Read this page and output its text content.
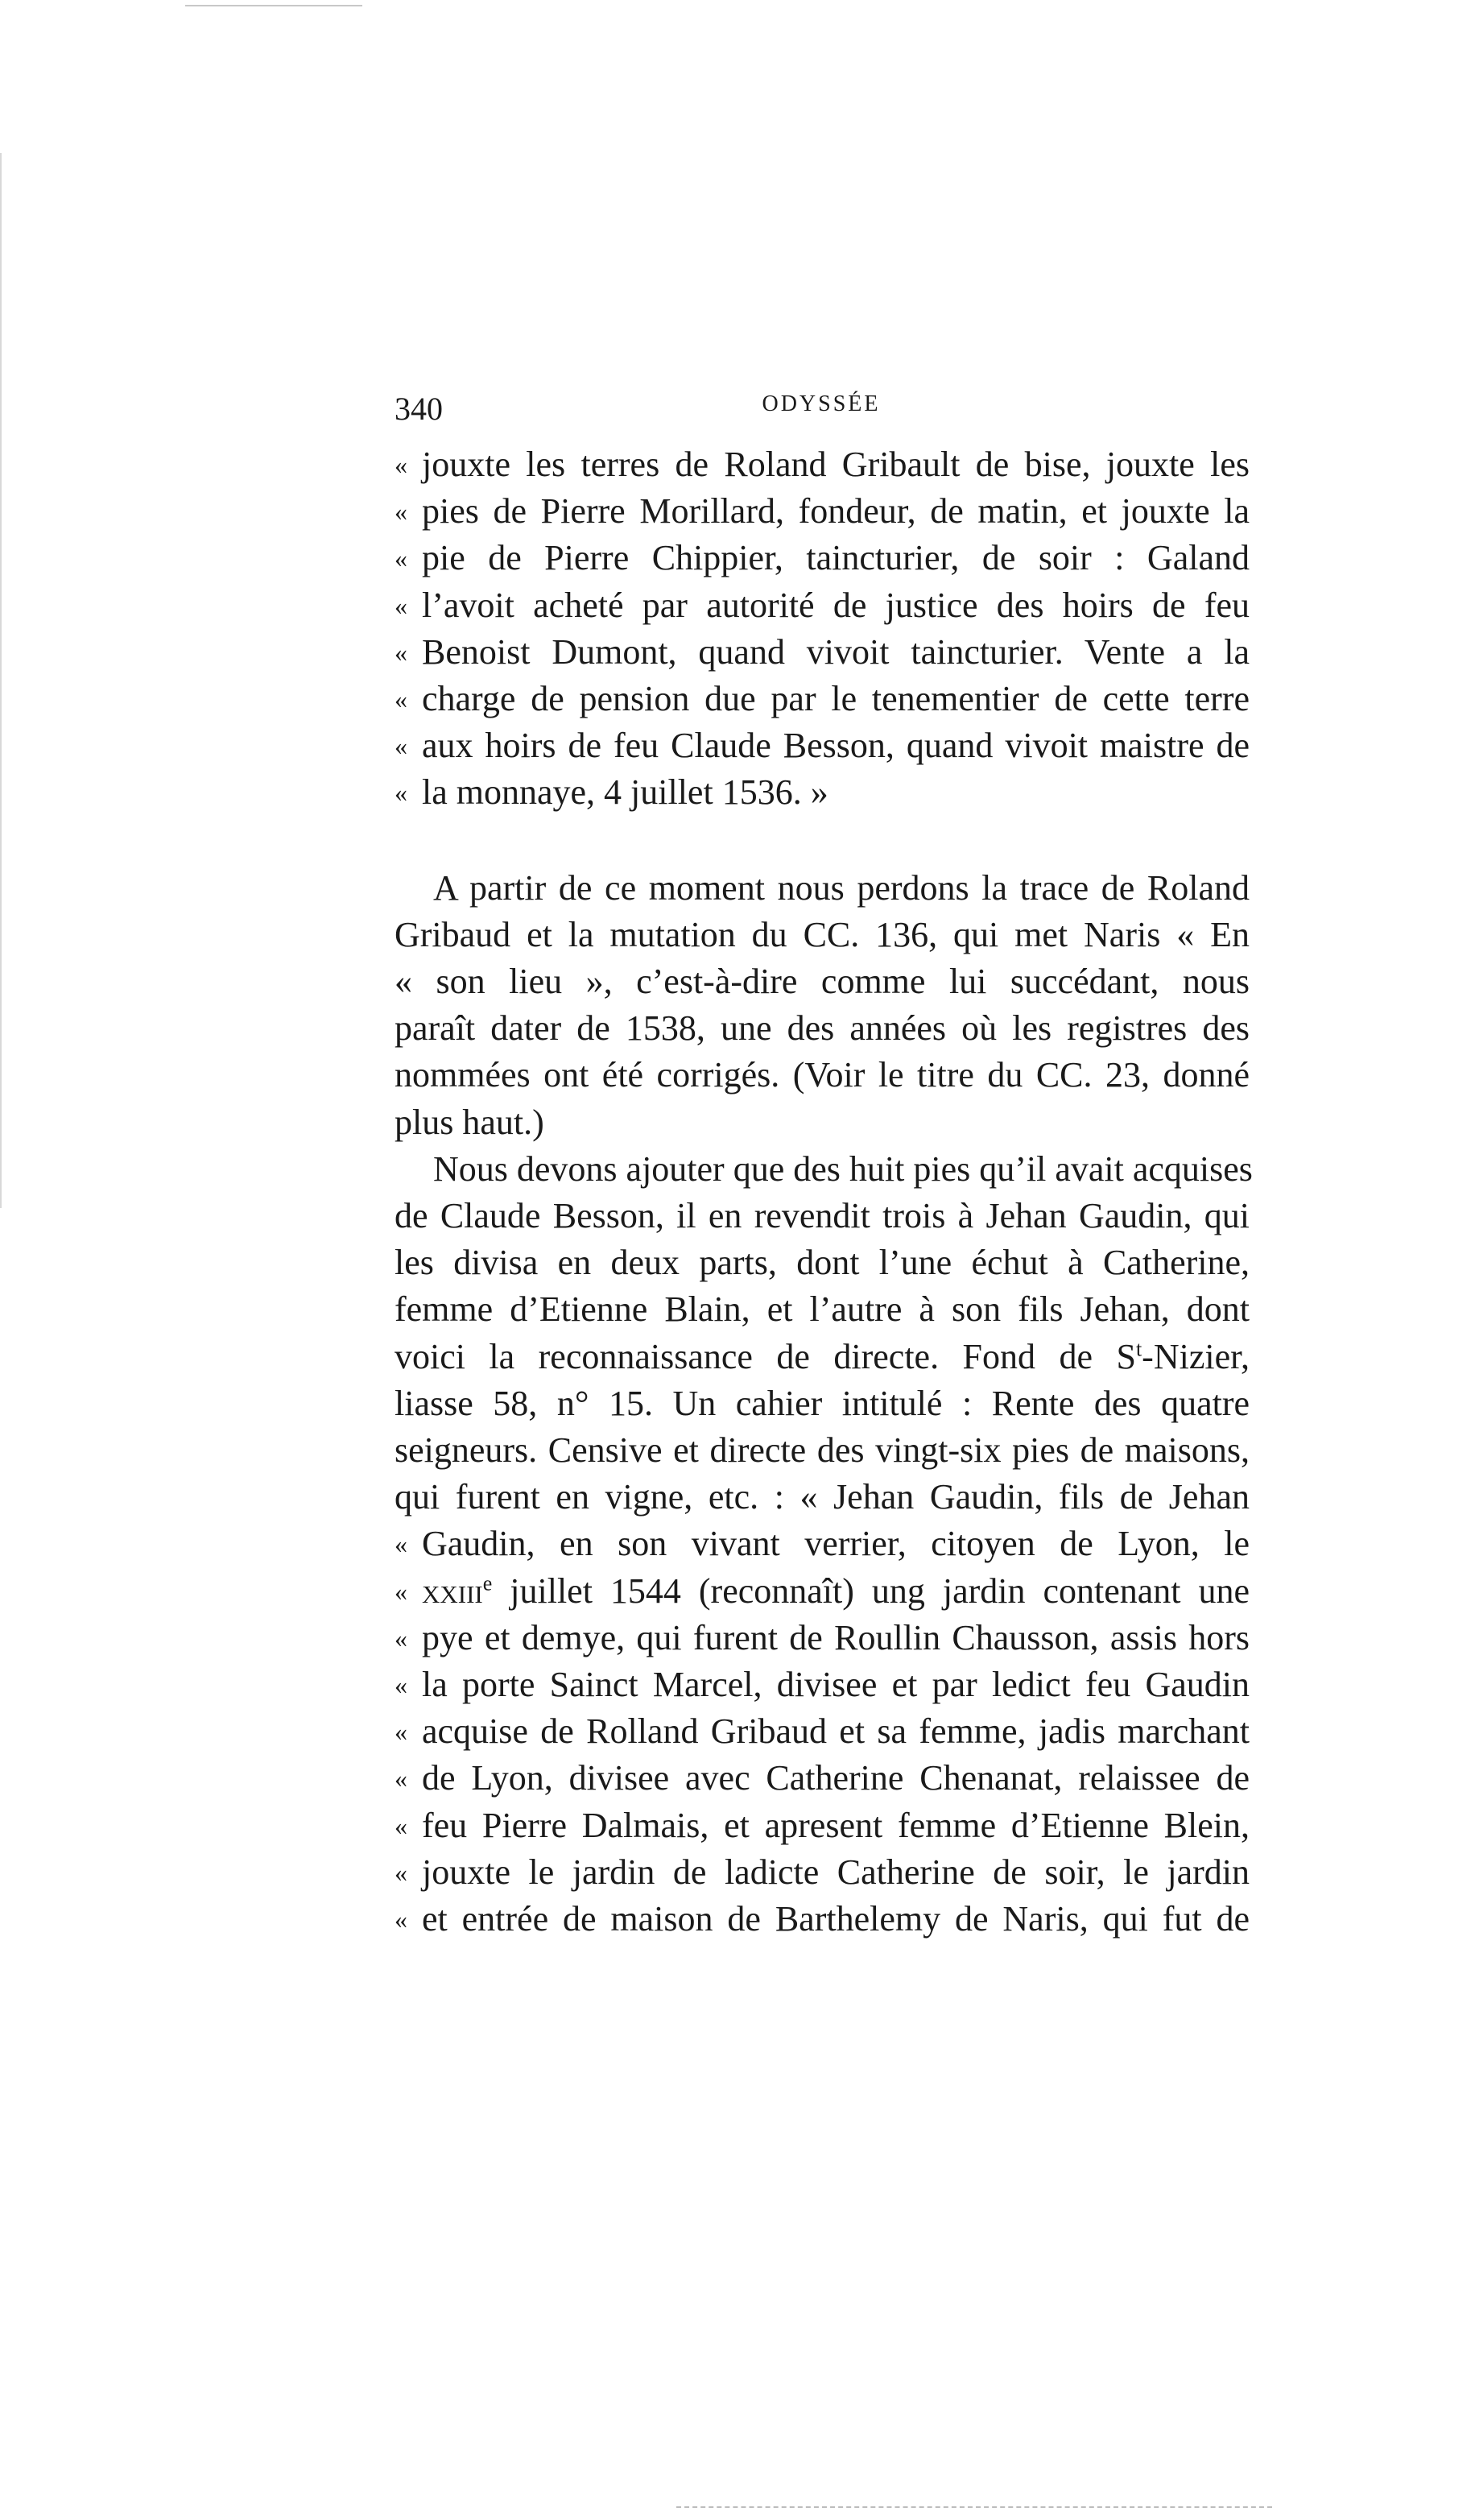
340	ODYSSÉE
« jouxte les terres de Roland Gribault de bise, jouxte les
« pies de Pierre Morillard, fondeur, de matin, et jouxte la
« pie de Pierre Chippier, taincturier, de soir : Galand
« l’avoit acheté par autorité de justice des hoirs de feu
« Benoist Dumont, quand vivoit taincturier. Vente a la
« charge de pension due par le tenementier de cette terre
« aux hoirs de feu Claude Besson, quand vivoit maistre de
« la monnaye, 4 juillet 1536. »
A partir de ce moment nous perdons la trace de Roland
Gribaud et la mutation du CC. 136, qui met Naris « En
« son lieu », c’est-à-dire comme lui succédant, nous
paraît dater de 1538, une des années où les registres des
nommées ont été corrigés. (Voir le titre du CC. 23, donné
plus haut.)
Nous devons ajouter que des huit pies qu’il avait acquises
de Claude Besson, il en revendit trois à Jehan Gaudin, qui
les divisa en deux parts, dont l’une échut à Catherine,
femme d’Etienne Blain, et l’autre à son fils Jehan, dont
voici la reconnaissance de directe. Fond de $S^t$-Nizier,
liasse 58, n° 15. Un cahier intitulé : Rente des quatre
seigneurs. Censive et directe des vingt-six pies de maisons,
qui furent en vigne, etc. : « Jehan Gaudin, fils de Jehan
« Gaudin, en son vivant verrier, citoyen de Lyon, le
« xxiii$^e$ juillet 1544 (reconnaît) ung jardin contenant une
« pye et demye, qui furent de Roullin Chausson, assis hors
« la porte Sainct Marcel, divisee et par ledict feu Gaudin
« acquise de Rolland Gribaud et sa femme, jadis marchant
« de Lyon, divisee avec Catherine Chenanat, relaissee de
« feu Pierre Dalmais, et apresent femme d’Etienne Blein,
« jouxte le jardin de ladicte Catherine de soir, le jardin
« et entrée de maison de Barthelemy de Naris, qui fut de
